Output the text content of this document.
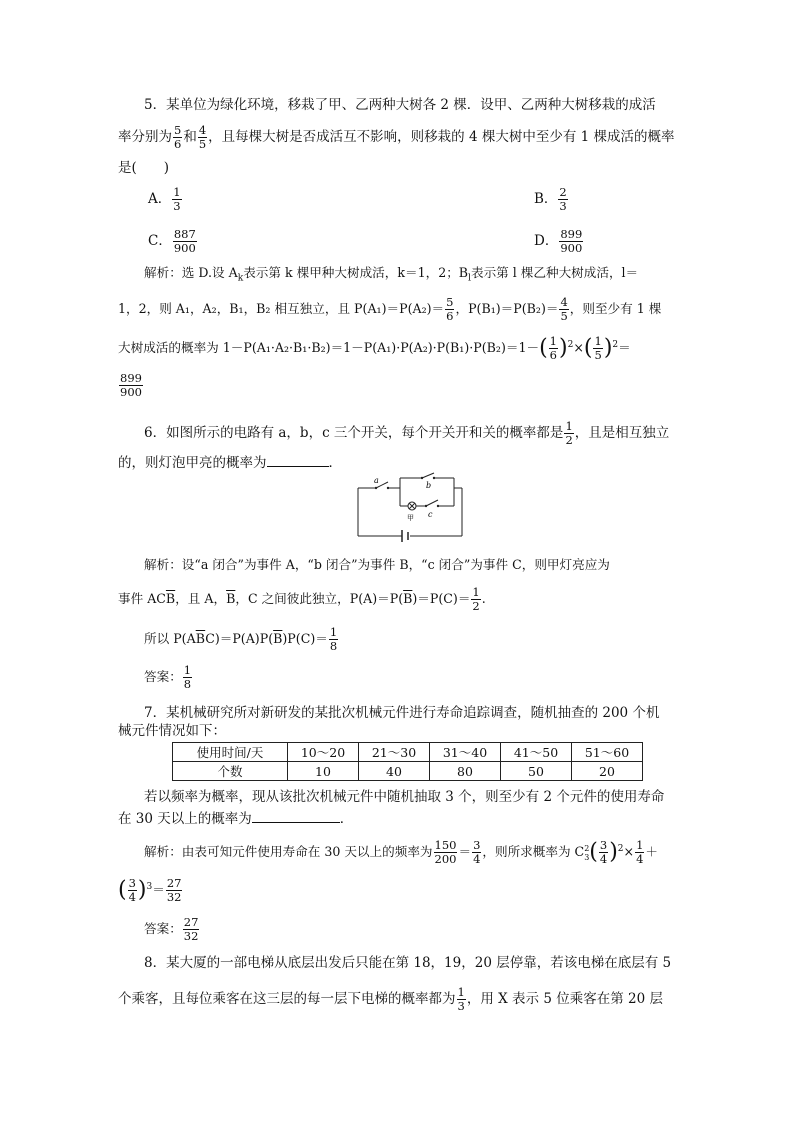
5．某单位为绿化环境，移栽了甲、乙两种大树各 2 棵．设甲、乙两种大树移栽的成活
率分别为 $\frac{5}{6}$ 和 $\frac{4}{5}$ ，且每棵大树是否成活互不影响，则移栽的 4 棵大树中至少有 1 棵成活的概率
是(　　)
A． $\frac{1}{3}$	B． $\frac{2}{3}$
C． $\frac{887}{900}$	D． $\frac{899}{900}$
解析：选 D.设 $A_k$表示第 k 棵甲种大树成活，k＝1，2；$B_l$表示第 l 棵乙种大树成活，l＝
1，2，则 A₁，A₂，B₁，B₂ 相互独立，且 $P(A_1)=P(A_2)= \frac{5}{6}$ ，$P(B_1)=P(B_2)= \frac{4}{5}$ ，则至少有 1 棵
大树成活的概率为 $1-P(A_1\cdot A_2\cdot B_1\cdot B_2)=1-P(A_1)\cdot P(A_2)\cdot P(B_1)\cdot P(B_2)=1-( \frac{1}{6} )^2\times( \frac{1}{5} )^2=$
$\frac{899}{900}$
6．如图所示的电路有 a，b，c 三个开关，每个开关开和关的概率都是 $\frac{1}{2}$ ，且是相互独立
的，则灯泡甲亮的概率为	．
a
b
c
甲
解析：设“a 闭合”为事件 A，“b 闭合”为事件 B，“c 闭合”为事件 C，则甲灯亮应为
事件 $AC\overline{B}$，且 A，$\overline{B}$，C 之间彼此独立，$P(A)=P(\overline{B})=P(C)= \frac{1}{2}$ .
所以 $P(A\overline{B}C)=P(A)P(\overline{B})P(C)= \frac{1}{8}$
答案： $\frac{1}{8}$
7．某机械研究所对新研发的某批次机械元件进行寿命追踪调查，随机抽查的 200 个机
械元件情况如下：
使用时间/天	10～20	21～30	31～40	41～50	51～60
个数	10	40	80	50	20
若以频率为概率，现从该批次机械元件中随机抽取 3 个，则至少有 2 个元件的使用寿命
在 30 天以上的概率为	．
解析：由表可知元件使用寿命在 30 天以上的频率为 $\frac{150}{200} = \frac{3}{4}$ ，则所求概率为 C 2
3 ( $\frac{3}{4} )^2\times \frac{1}{4}$ ＋
( $\frac{3}{4} )^3= \frac{27}{32}$
答案： $\frac{27}{32}$
8．某大厦的一部电梯从底层出发后只能在第 18，19，20 层停靠，若该电梯在底层有 5
个乘客，且每位乘客在这三层的每一层下电梯的概率都为 $\frac{1}{3}$ ，用 X 表示 5 位乘客在第 20 层
